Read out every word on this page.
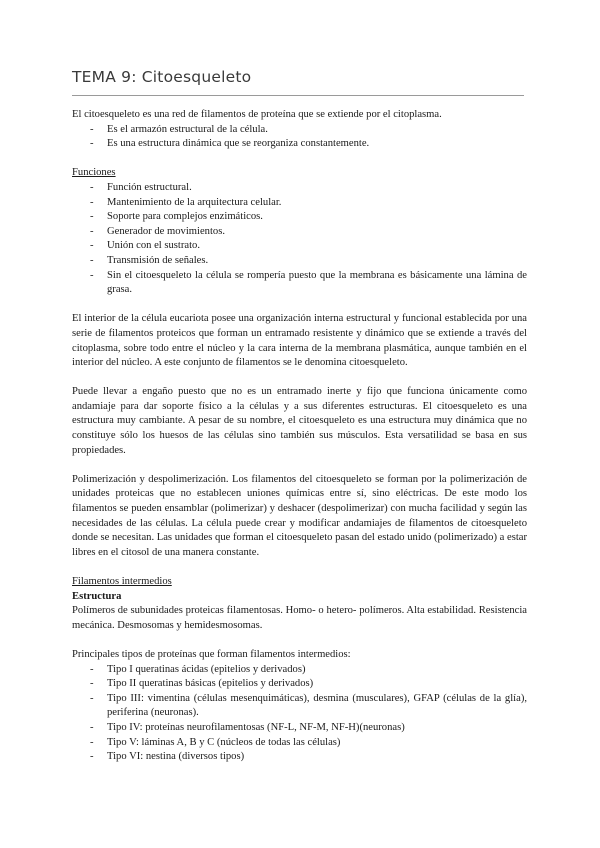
TEMA 9: Citoesqueleto

El citoesqueleto es una red de filamentos de proteína que se extiende por el citoplasma.

- Es el armazón estructural de la célula.
- Es una estructura dinámica que se reorganiza constantemente.

Funciones

- Función estructural.
- Mantenimiento de la arquitectura celular.
- Soporte para complejos enzimáticos.
- Generador de movimientos.
- Unión con el sustrato.
- Transmisión de señales.
- Sin el citoesqueleto la célula se rompería puesto que la membrana es básicamente una lámina de grasa.

El interior de la célula eucariota posee una organización interna estructural y funcional establecida por una serie de filamentos proteicos que forman un entramado resistente y dinámico que se extiende a través del citoplasma, sobre todo entre el núcleo y la cara interna de la membrana plasmática, aunque también en el interior del núcleo. A este conjunto de filamentos se le denomina citoesqueleto.

Puede llevar a engaño puesto que no es un entramado inerte y fijo que funciona únicamente como andamiaje para dar soporte físico a la células y a sus diferentes estructuras. El citoesqueleto es una estructura muy cambiante. A pesar de su nombre, el citoesqueleto es una estructura muy dinámica que no constituye sólo los huesos de las células sino también sus músculos. Esta versatilidad se basa en sus propiedades.

Polimerización y despolimerización. Los filamentos del citoesqueleto se forman por la polimerización de unidades proteicas que no establecen uniones químicas entre sí, sino eléctricas. De este modo los filamentos se pueden ensamblar (polimerizar) y deshacer (despolimerizar) con mucha facilidad y según las necesidades de las células. La célula puede crear y modificar andamiajes de filamentos de citoesqueleto donde se necesitan. Las unidades que forman el citoesqueleto pasan del estado unido (polimerizado) a estar libres en el citosol de una manera constante.

Filamentos intermedios

Estructura

Polímeros de subunidades proteicas filamentosas. Homo- o hetero- polímeros. Alta estabilidad. Resistencia mecánica. Desmosomas y hemidesmosomas.

Principales tipos de proteínas que forman filamentos intermedios:

- Tipo I queratinas ácidas (epitelios y derivados)
- Tipo II queratinas básicas (epitelios y derivados)
- Tipo III: vimentina (células mesenquimáticas), desmina (musculares), GFAP (células de la glía), periferina (neuronas).
- Tipo IV: proteínas neurofilamentosas (NF-L, NF-M, NF-H)(neuronas)
- Tipo V: láminas A, B y C (núcleos de todas las células)
- Tipo VI: nestina (diversos tipos)
